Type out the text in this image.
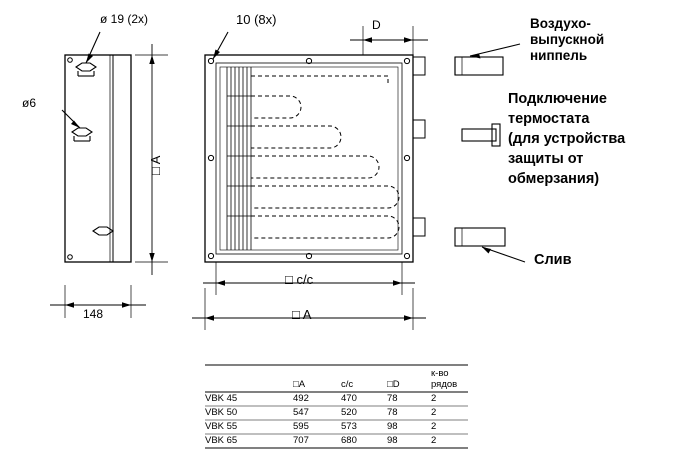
ø 19 (2x)
ø6
10 (8x)	D
148
□ A
□ c/c
□ A
Воздухо-
выпускной
ниппель
Подключение
термостата
(для устройства
защиты от
обмерзания)
Слив
	□A	c/c	□D	к-во
рядов
VBK 45	492	470	78	2
VBK 50	547	520	78	2
VBK 55	595	573	98	2
VBK 65	707	680	98	2
